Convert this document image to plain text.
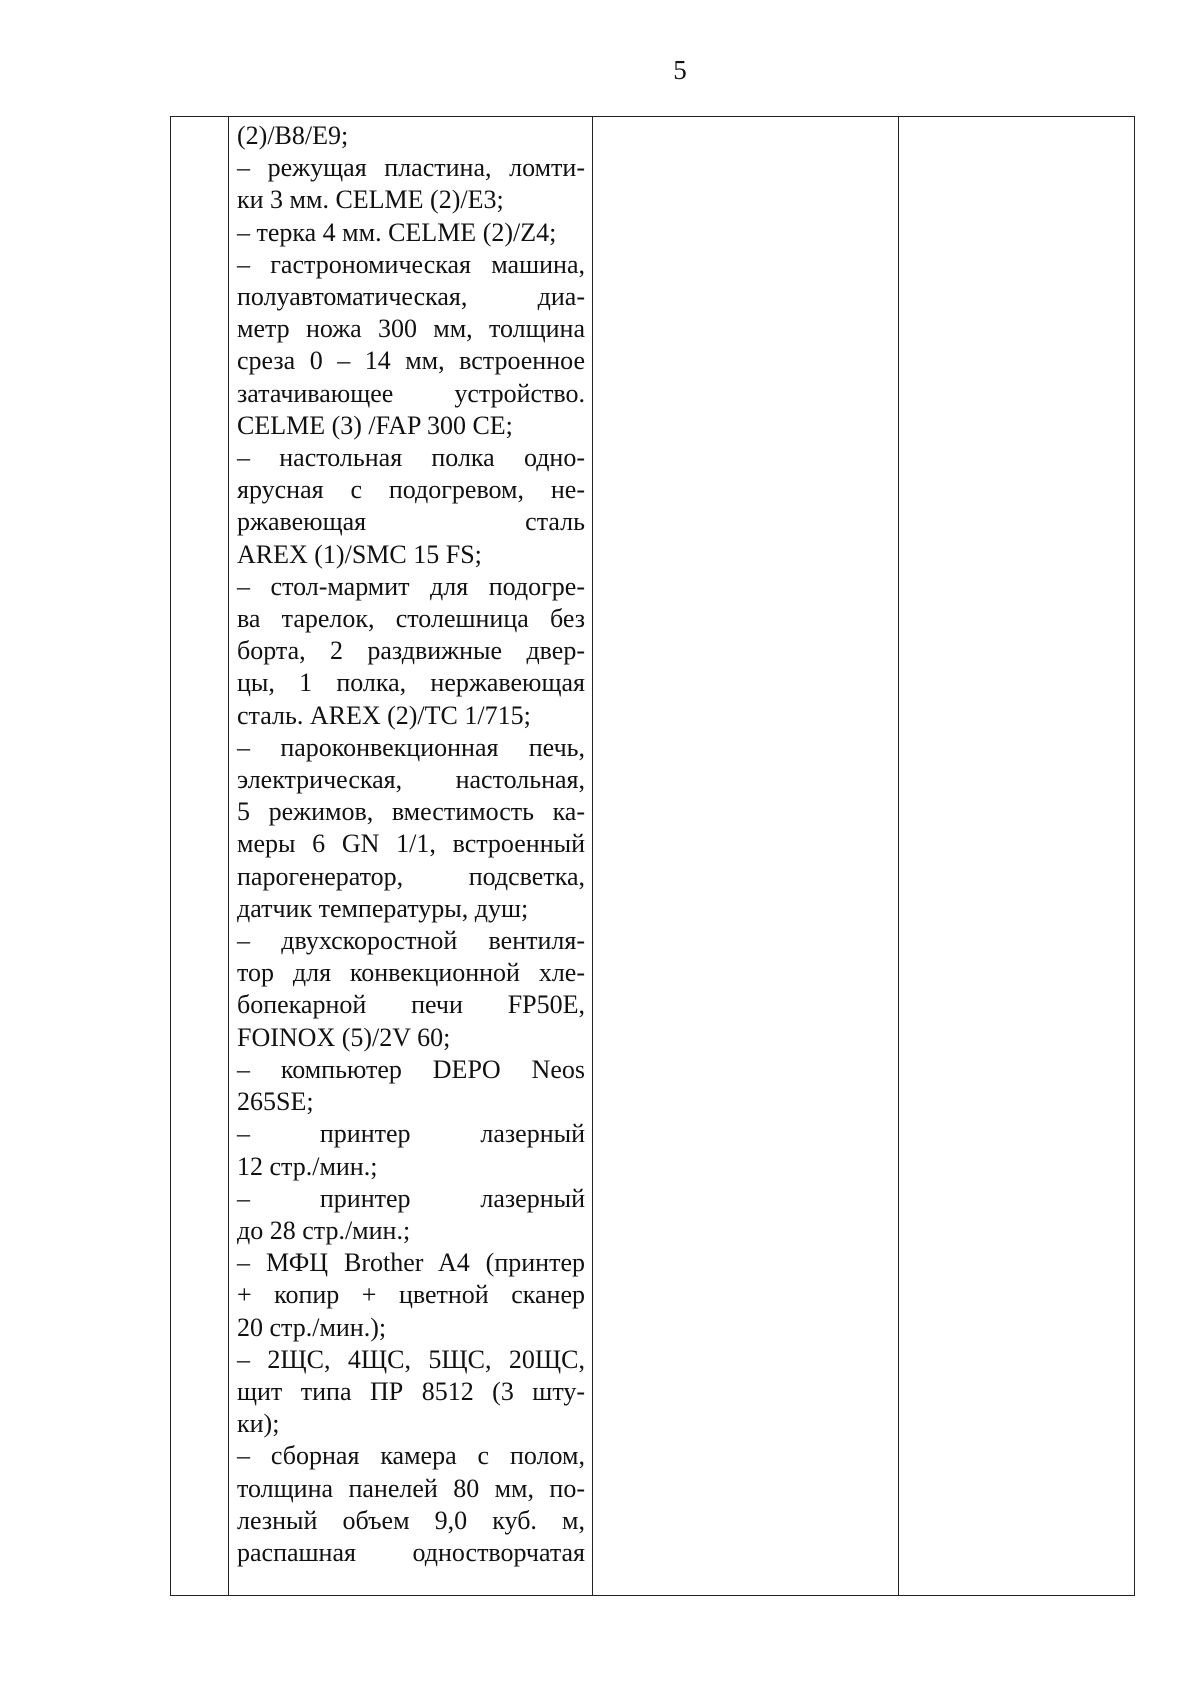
5

(2)/B8/E9;
– режущая пластина, ломти-
ки 3 мм. CELME (2)/E3;
– терка 4 мм. CELME (2)/Z4;
– гастрономическая машина,
полуавтоматическая, диа-
метр ножа 300 мм, толщина
среза 0 – 14 мм, встроенное
затачивающее устройство.
CELME (3) /FAP 300 CE;
– настольная полка одно-
ярусная с подогревом, не-
ржавеющая сталь
AREX (1)/SMC 15 FS;
– стол-мармит для подогре-
ва тарелок, столешница без
борта, 2 раздвижные двер-
цы, 1 полка, нержавеющая
сталь. AREX (2)/TC 1/715;
– пароконвекционная печь,
электрическая, настольная,
5 режимов, вместимость ка-
меры 6 GN 1/1, встроенный
парогенератор, подсветка,
датчик температуры, душ;
– двухскоростной вентиля-
тор для конвекционной хле-
бопекарной печи FP50E,
FOINOX (5)/2V 60;
– компьютер DEPO Neos
265SE;
– принтер лазерный
12 стр./мин.;
– принтер лазерный
до 28 стр./мин.;
– МФЦ Brother A4 (принтер
+ копир + цветной сканер
20 стр./мин.);
– 2ЩС, 4ЩС, 5ЩС, 20ЩС,
щит типа ПР 8512 (3 шту-
ки);
– сборная камера с полом,
толщина панелей 80 мм, по-
лезный объем 9,0 куб. м,
распашная одностворчатая
